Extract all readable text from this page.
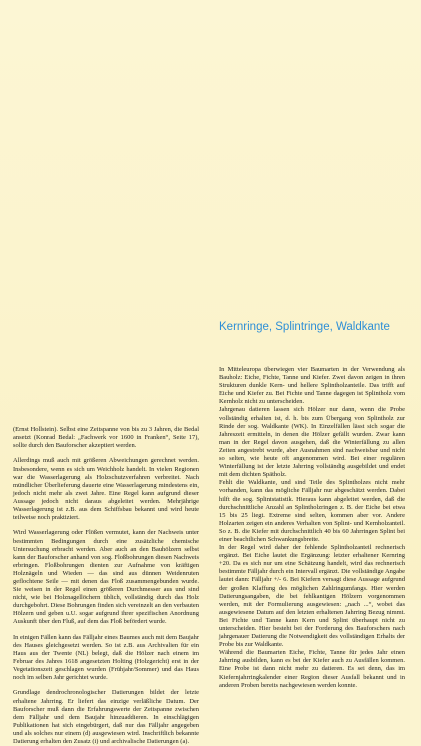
Kernringe, Splintringe, Waldkante

(Ernst Hollstein). Selbst eine Zeitspanne von bis zu 3 Jahren, die Bedal ansetzt (Konrad Bedal: „Fachwerk vor 1600 in Franken“, Seite 17), sollte durch den Bauforscher akzeptiert werden.

Allerdings muß auch mit größeren Abweichungen gerechnet werden. Insbesondere, wenn es sich um Weichholz handelt. In vielen Regionen war die Wasserlagerung als Holzschutzverfahren verbreitet. Nach mündlicher Überlieferung dauerte eine Wasserlagerung mindestens ein, jedoch nicht mehr als zwei Jahre. Eine Regel kann aufgrund dieser Aussage jedoch nicht daraus abgeleitet werden. Mehrjährige Wasserlagerung ist z.B. aus dem Schiffsbau bekannt und wird heute teilweise noch praktiziert.

Wird Wasserlagerung oder Flößen vermutet, kann der Nachweis unter bestimmten Bedingungen durch eine zusätzliche chemische Untersuchung erbracht werden. Aber auch an den Bauhölzern selbst kann der Bauforscher anhand von sog. Floßbohrungen diesen Nachweis erbringen. Floßbohrungen dienten zur Aufnahme von kräftigen Holznägeln und Wieden — das sind aus dünnen Weidenruten geflochtene Seile — mit denen das Floß zusammengebunden wurde. Sie weisen in der Regel einen größeren Durchmesser aus und sind nicht, wie bei Holznagellöchern üblich, vollständig durch das Holz durchgebohrt. Diese Bohrungen finden sich vereinzelt an den verbauten Hölzern und geben u.U. sogar aufgrund ihrer spezifischen Anordnung Auskunft über den Fluß, auf dem das Floß befördert wurde.

In einigen Fällen kann das Fälljahr eines Baumes auch mit dem Baujahr des Hauses gleichgesetzt werden. So ist z.B. aus Archivalien für ein Haus aus der Twente (NL) belegt, daß die Hölzer nach einem im Februar des Jahres 1618 angesetzten Holting (Holzgericht) erst in der Vegetationszeit geschlagen wurden (Frühjahr/Sommer) und das Haus noch im selben Jahr gerichtet wurde.

Grundlage dendrochronologischer Datierungen bildet der letzte erhaltene Jahrring. Er liefert das einzige verläßliche Datum. Der Bauforscher muß dann die Erfahrungswerte der Zeitspanne zwischen dem Fälljahr und dem Baujahr hinzuaddieren. In einschlägigen Publikationen hat sich eingebürgert, daß nur das Fälljahr angegeben und als solches nur einem (d) ausgewiesen wird. Inschriftlich bekannte Datierung erhalten den Zusatz (i) und archivalische Datierungen (a).

In Mitteleuropa überwiegen vier Baumarten in der Verwendung als Bauholz: Eiche, Fichte, Tanne und Kiefer. Zwei davon zeigen in ihren Strukturen dunkle Kern- und hellere Splintholzanteile. Das trifft auf Eiche und Kiefer zu. Bei Fichte und Tanne dagegen ist Splintholz vom Kernholz nicht zu unterscheiden.

Jahrgenau datieren lassen sich Hölzer nur dann, wenn die Probe vollständig erhalten ist, d. h. bis zum Übergang von Splintholz zur Rinde der sog. Waldkante (WK). In Einzelfällen lässt sich sogar die Jahreszeit ermitteln, in denen die Hölzer gefällt wurden. Zwar kann man in der Regel davon ausgehen, daß die Winterfällung zu allen Zeiten angestrebt wurde, aber Ausnahmen sind nachweisbar und nicht so selten, wie heute oft angenommen wird. Bei einer regulären Winterfällung ist der letzte Jahrring vollständig ausgebildet und endet mit dem dichten Spätholz.

Fehlt die Waldkante, und sind Teile des Splintholzes nicht mehr vorhanden, kann das mögliche Fälljahr nur abgeschätzt werden. Dabei hilft die sog. Splintstatistik. Hieraus kann abgeleitet werden, daß die durchschnittliche Anzahl an Splintholzringen z. B. der Eiche bei etwa 15 bis 25 liegt. Extreme sind selten, kommen aber vor. Andere Holzarten zeigen ein anderes Verhalten von Splint- und Kernholzanteil. So z. B. die Kiefer mit durchschnittlich 40 bis 60 Jahrringen Splint bei einer beachtlichen Schwankungsbreite.

In der Regel wird daher der fehlende Splintholzanteil rechnerisch ergänzt. Bei Eiche lautet die Ergänzung: letzter erhaltener Kernring +20. Da es sich nur um eine Schätzung handelt, wird das rechnerisch bestimmte Fälljahr durch ein Intervall ergänzt. Die vollständige Angabe lautet dann: Fälljahr +/- 6. Bei Kiefern versagt diese Aussage aufgrund der großen Klaffung des möglichen Zahlringumfangs. Hier werden Datierungsangaben, die bei fehlkantigen Hölzern vorgenommen werden, mit der Formulierung ausgewiesen: „nach ...“, wobei das ausgewiesene Datum auf den letzten erhaltenen Jahrring Bezug nimmt. Bei Fichte und Tanne kann Kern und Splint überhaupt nicht zu unterscheiden. Hier besteht bei der Forderung des Bauforschers nach jahrgenauer Datierung die Notwendigkeit des vollständigen Erhalts der Probe bis zur Waldkante.

Während die Baumarten Eiche, Fichte, Tanne für jedes Jahr einen Jahrring ausbilden, kann es bei der Kiefer auch zu Ausfällen kommen. Eine Probe ist dann nicht mehr zu datieren. Es sei denn, das im Kiefernjahrringkalender einer Region dieser Ausfall bekannt und in anderen Proben bereits nachgewiesen werden konnte.
